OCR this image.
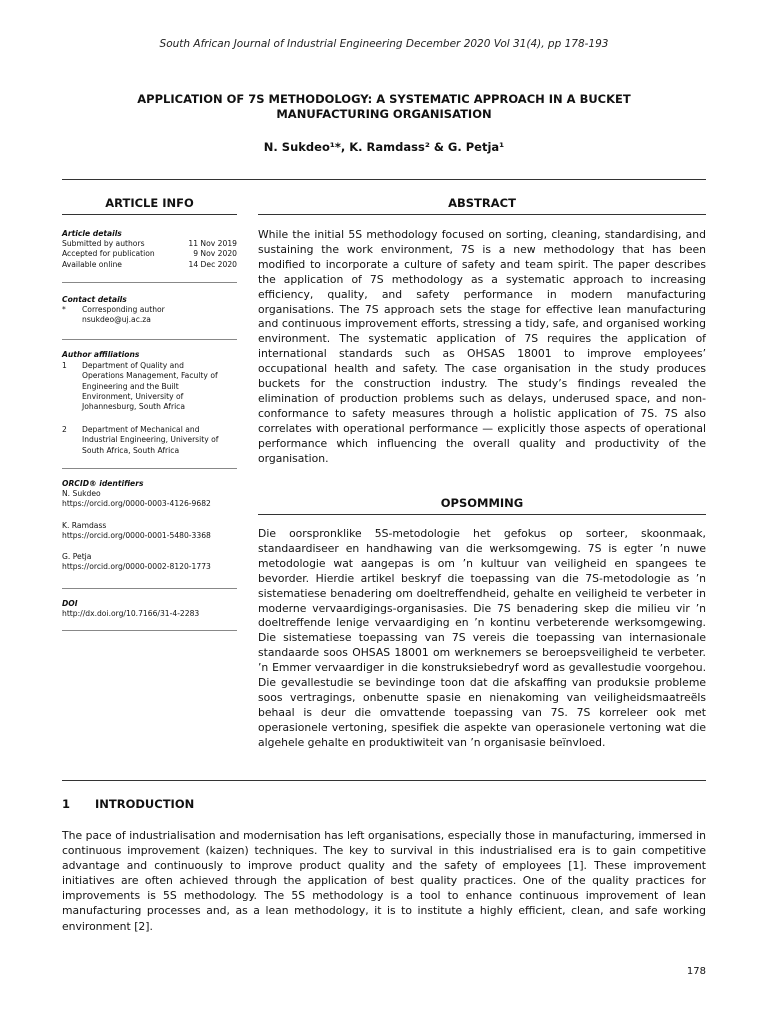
South African Journal of Industrial Engineering December 2020 Vol 31(4), pp 178-193
APPLICATION OF 7S METHODOLOGY: A SYSTEMATIC APPROACH IN A BUCKET MANUFACTURING ORGANISATION
N. Sukdeo¹*, K. Ramdass² & G. Petja¹
ARTICLE INFO	ABSTRACT
Article details
Submitted by authors	11 Nov 2019
Accepted for publication	9 Nov 2020
Available online	14 Dec 2020
Contact details
*	Corresponding author
nsukdeo@uj.ac.za
Author affiliations
1	Department of Quality and Operations Management, Faculty of Engineering and the Built Environment, University of Johannesburg, South Africa
2	Department of Mechanical and Industrial Engineering, University of South Africa, South Africa
ORCID® identifiers
N. Sukdeo
https://orcid.org/0000-0003-4126-9682
K. Ramdass
https://orcid.org/0000-0001-5480-3368
G. Petja
https://orcid.org/0000-0002-8120-1773
DOI
http://dx.doi.org/10.7166/31-4-2283
While the initial 5S methodology focused on sorting, cleaning, standardising, and sustaining the work environment, 7S is a new methodology that has been modified to incorporate a culture of safety and team spirit. The paper describes the application of 7S methodology as a systematic approach to increasing efficiency, quality, and safety performance in modern manufacturing organisations. The 7S approach sets the stage for effective lean manufacturing and continuous improvement efforts, stressing a tidy, safe, and organised working environment. The systematic application of 7S requires the application of international standards such as OHSAS 18001 to improve employees’ occupational health and safety. The case organisation in the study produces buckets for the construction industry. The study’s findings revealed the elimination of production problems such as delays, underused space, and non-conformance to safety measures through a holistic application of 7S. 7S also correlates with operational performance — explicitly those aspects of operational performance which influencing the overall quality and productivity of the organisation.
OPSOMMING
Die oorspronklike 5S-metodologie het gefokus op sorteer, skoonmaak, standaardiseer en handhawing van die werksomgewing. 7S is egter ’n nuwe metodologie wat aangepas is om ’n kultuur van veiligheid en spangees te bevorder. Hierdie artikel beskryf die toepassing van die 7S-metodologie as ’n sistematiese benadering om doeltreffendheid, gehalte en veiligheid te verbeter in moderne vervaardigings-organisasies. Die 7S benadering skep die milieu vir ’n doeltreffende lenige vervaardiging en ’n kontinu verbeterende werksomgewing. Die sistematiese toepassing van 7S vereis die toepassing van internasionale standaarde soos OHSAS 18001 om werknemers se beroepsveiligheid te verbeter. ’n Emmer vervaardiger in die konstruksiebedryf word as gevallestudie voorgehou. Die gevallestudie se bevindinge toon dat die afskaffing van produksie probleme soos vertragings, onbenutte spasie en nienakoming van veiligheidsmaatreëls behaal is deur die omvattende toepassing van 7S. 7S korreleer ook met operasionele vertoning, spesifiek die aspekte van operasionele vertoning wat die algehele gehalte en produktiwiteit van ’n organisasie beïnvloed.
1 INTRODUCTION
The pace of industrialisation and modernisation has left organisations, especially those in manufacturing, immersed in continuous improvement (kaizen) techniques. The key to survival in this industrialised era is to gain competitive advantage and continuously to improve product quality and the safety of employees [1]. These improvement initiatives are often achieved through the application of best quality practices. One of the quality practices for improvements is 5S methodology. The 5S methodology is a tool to enhance continuous improvement of lean manufacturing processes and, as a lean methodology, it is to institute a highly efficient, clean, and safe working environment [2].
178
